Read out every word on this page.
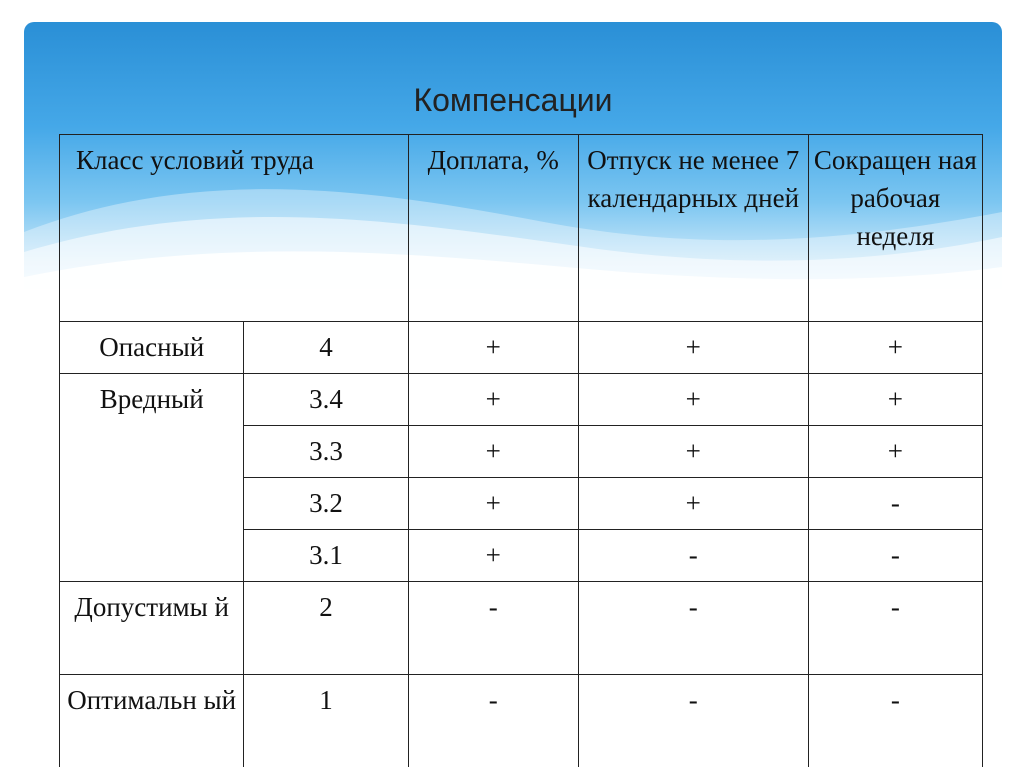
Компенсации
Класс условий труда		Доплата, %	Отпуск не менее 7 календарных дней	Сокращен ная рабочая неделя
Опасный	4	+	+	+
Вредный	3.4	+	+	+
	3.3	+	+	+
	3.2	+	+	-
	3.1	+	-	-
Допустимы й	2	-	-	-
Оптимальн ый	1	-	-	-
